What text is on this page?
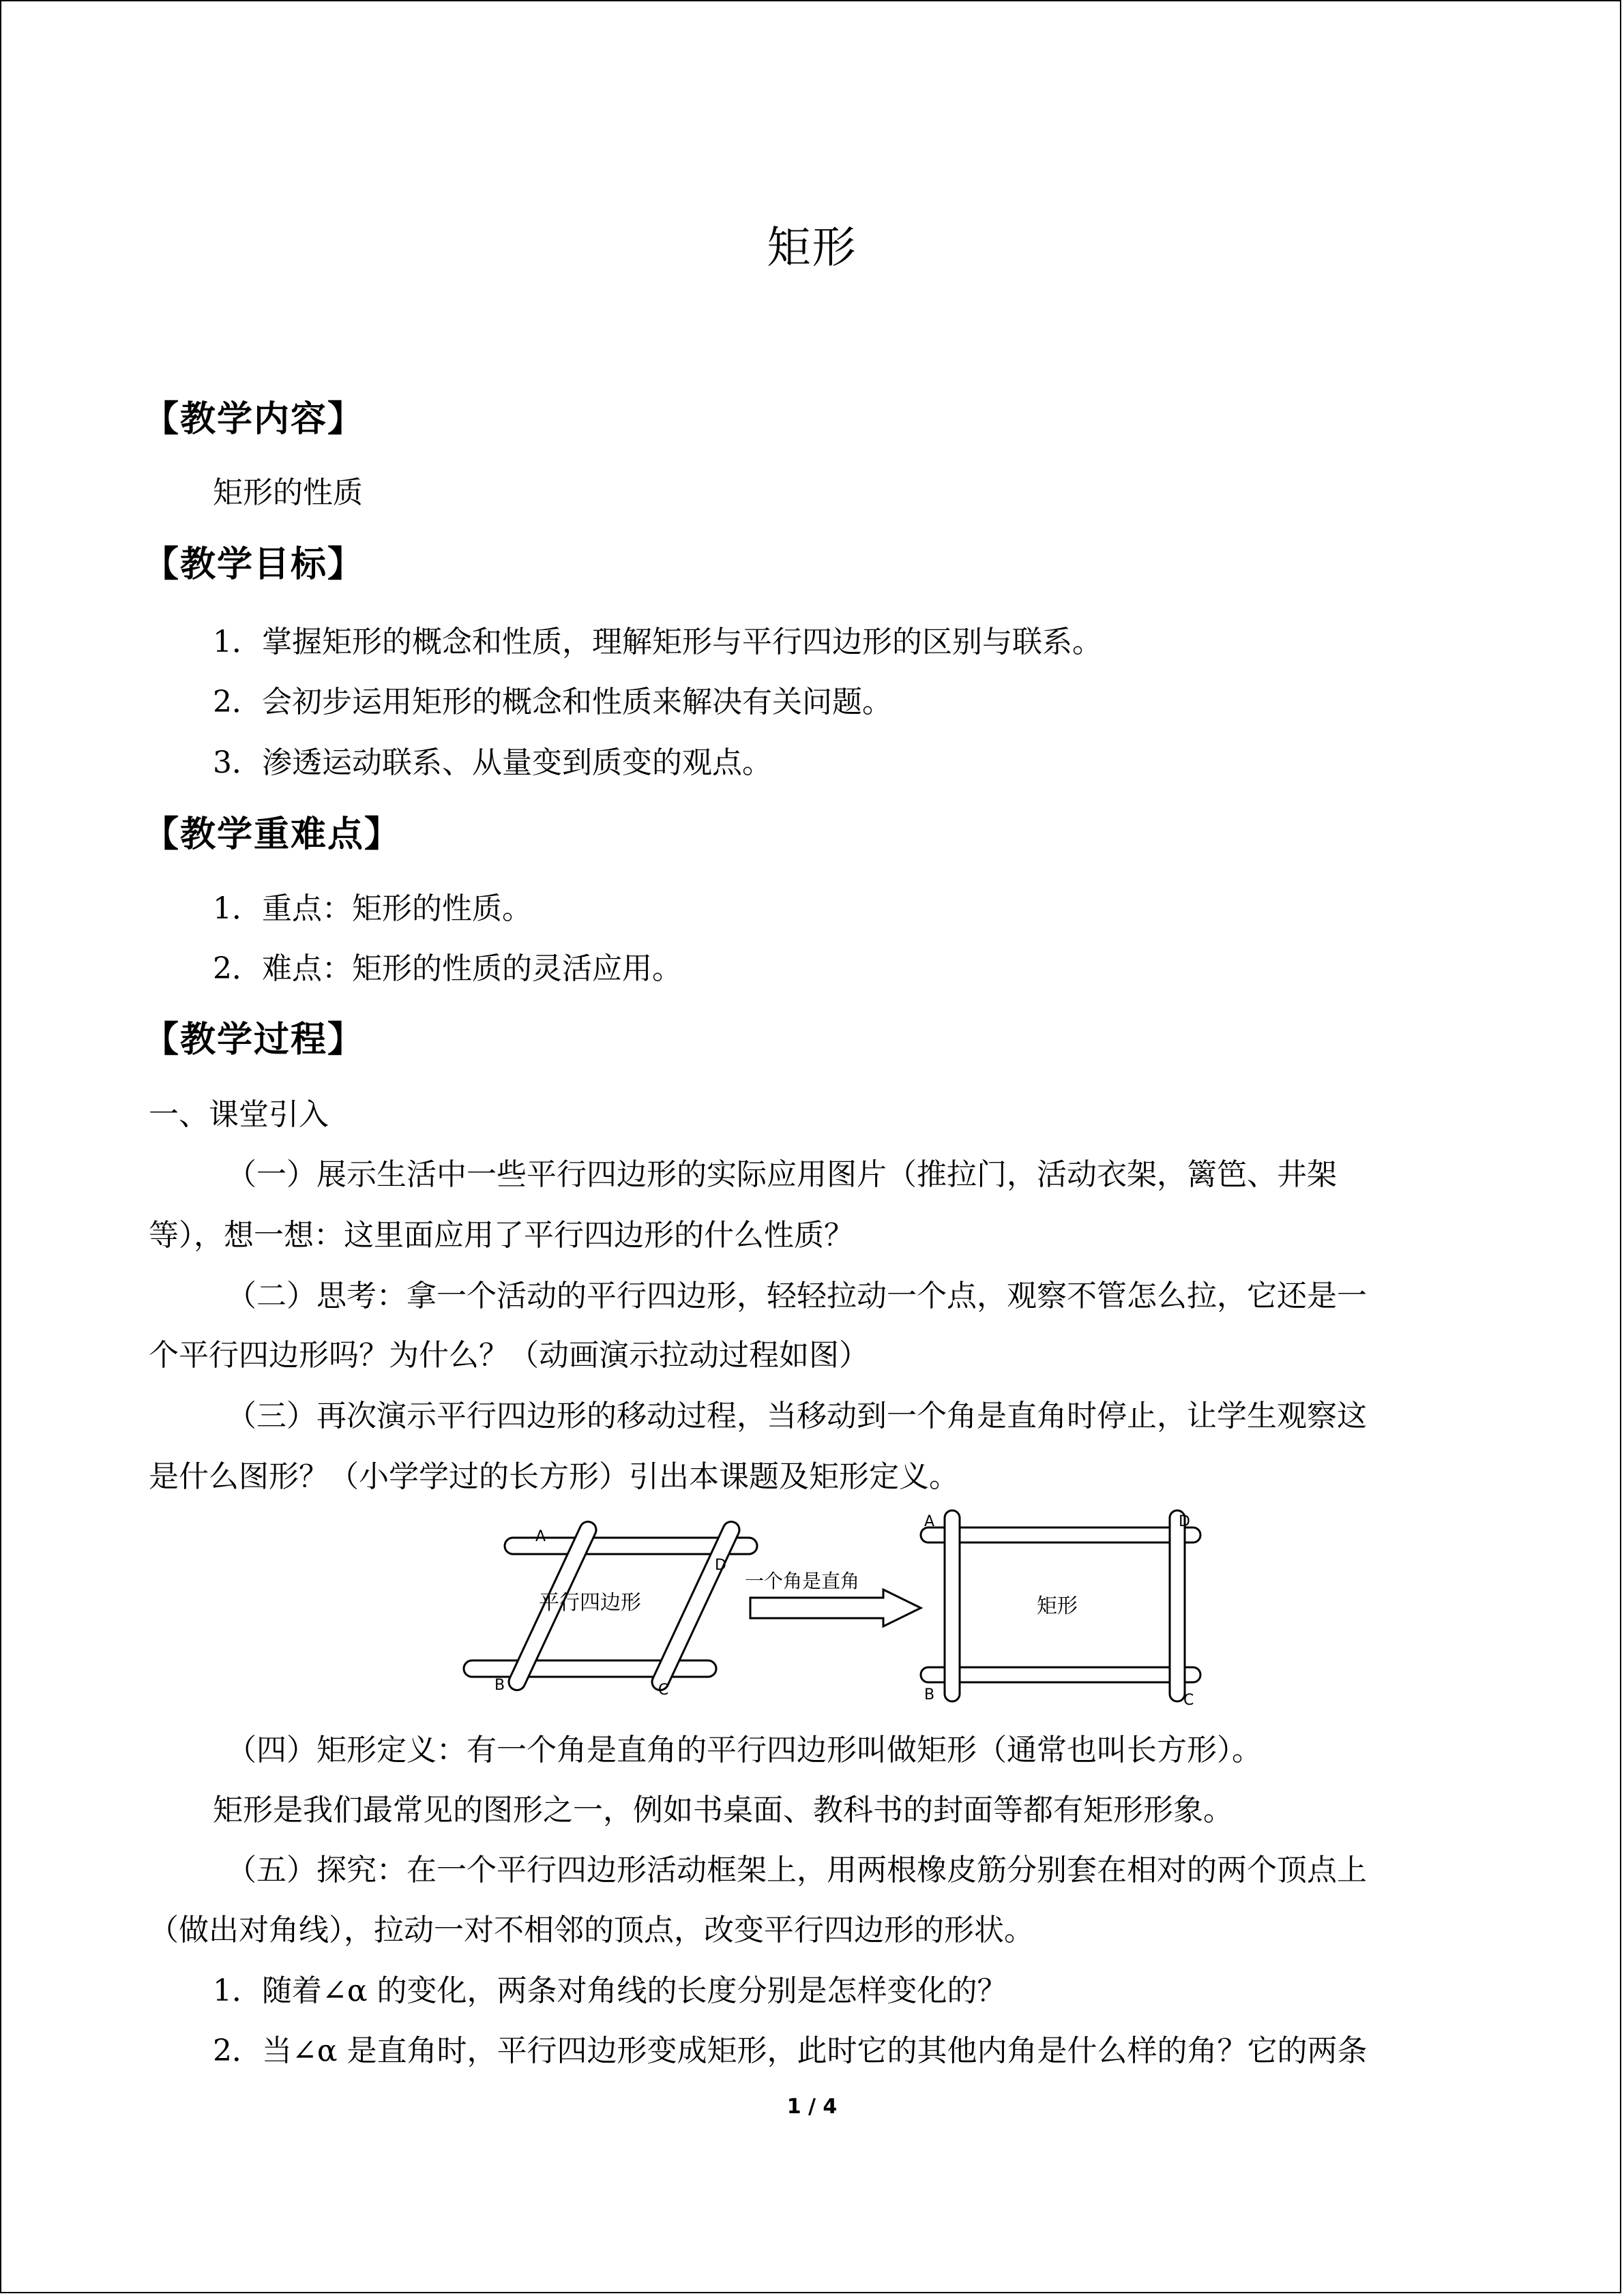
矩形
【教学内容】
矩形的性质
【教学目标】
1．掌握矩形的概念和性质，理解矩形与平行四边形的区别与联系。
2．会初步运用矩形的概念和性质来解决有关问题。
3．渗透运动联系、从量变到质变的观点。
【教学重难点】
1．重点：矩形的性质。
2．难点：矩形的性质的灵活应用。
【教学过程】
一、课堂引入
（一）展示生活中一些平行四边形的实际应用图片（推拉门，活动衣架，篱笆、井架
等），想一想：这里面应用了平行四边形的什么性质？
（二）思考：拿一个活动的平行四边形，轻轻拉动一个点，观察不管怎么拉，它还是一
个平行四边形吗？为什么？（动画演示拉动过程如图）
（三）再次演示平行四边形的移动过程，当移动到一个角是直角时停止，让学生观察这
是什么图形？（小学学过的长方形）引出本课题及矩形定义。
A
D
B	C
平行四边形
一个角是直角
A	D
B	C
矩形
（四）矩形定义：有一个角是直角的平行四边形叫做矩形（通常也叫长方形）。
矩形是我们最常见的图形之一，例如书桌面、教科书的封面等都有矩形形象。
（五）探究：在一个平行四边形活动框架上，用两根橡皮筋分别套在相对的两个顶点上
（做出对角线），拉动一对不相邻的顶点，改变平行四边形的形状。
1．随着∠α 的变化，两条对角线的长度分别是怎样变化的？
2．当∠α 是直角时，平行四边形变成矩形，此时它的其他内角是什么样的角？它的两条
1 / 4
